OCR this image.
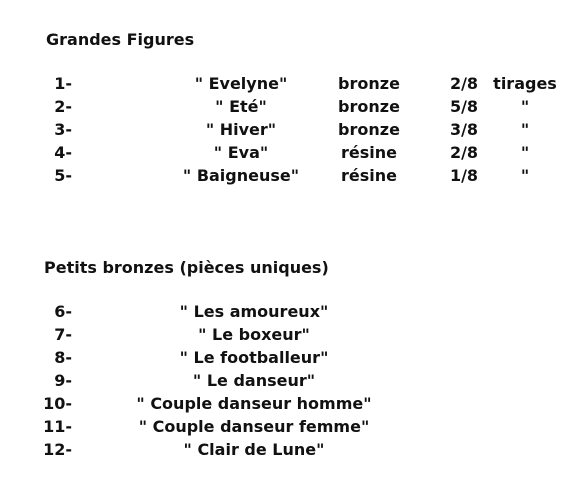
Grandes Figures
1-	" Evelyne"	bronze	2/8 tirages
2-	" Eté"	bronze	5/8	"
3-	" Hiver"	bronze	3/8	"
4-	" Eva"	résine	2/8	"
5-	" Baigneuse"	résine	1/8	"
Petits bronzes (pièces uniques)
6-	" Les amoureux"
7-	" Le boxeur"
8-	" Le footballeur"
9-	" Le danseur"
10-	" Couple danseur homme"
11-	" Couple danseur femme"
12-	" Clair de Lune"
